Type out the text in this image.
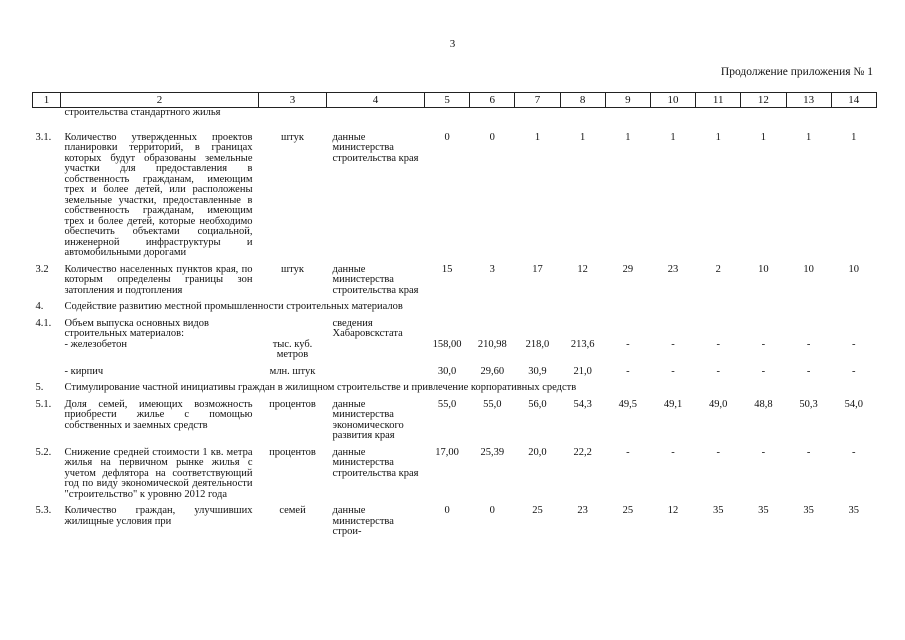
3
Продолжение приложения № 1
1	2	3	4	5	6	7	8	9	10	11	12	13	14
	строительства стандартного жилья												

3.1.	Количество утвержденных проектов планировки территорий, в границах которых будут образованы земельные участки для предоставления в собственность гражданам, имеющим трех и более детей, или расположены земельные участки, предоставленные в собственность гражданам, имеющим трех и более детей, которые необходимо обеспечить объектами социальной, инженерной инфраструктуры и автомобильными дорогами	штук	данные министерства строительства края	0	0	1	1	1	1	1	1	1	1

3.2	Количество населенных пунктов края, по которым определены границы зон затопления и подтопления	штук	данные министерства строительства края	15	3	17	12	29	23	2	10	10	10

4.	Содействие развитию местной промышленности строительных материалов												

4.1.	Объем выпуска основных видов строительных материалов:		сведения Хабаровскстата										
	- железобетон	тыс. куб. метров		158,00	210,98	218,0	213,6	-	-	-	-	-	-

	- кирпич	млн. штук		30,0	29,60	30,9	21,0	-	-	-	-	-	-

5.	Стимулирование частной инициативы граждан в жилищном строительстве и привлечение корпоративных средств												

5.1.	Доля семей, имеющих возможность приобрести жилье с помощью собственных и заемных средств	процентов	данные министерства экономического развития края	55,0	55,0	56,0	54,3	49,5	49,1	49,0	48,8	50,3	54,0

5.2.	Снижение средней стоимости 1 кв. метра жилья на первичном рынке жилья с учетом дефлятора на соответствующий год по виду экономической деятельности "строительство" к уровню 2012 года	процентов	данные министерства строительства края	17,00	25,39	20,0	22,2	-	-	-	-	-	-

5.3.	Количество граждан, улучшивших жилищные условия при	семей	данные министерства строи-	0	0	25	23	25	12	35	35	35	35
